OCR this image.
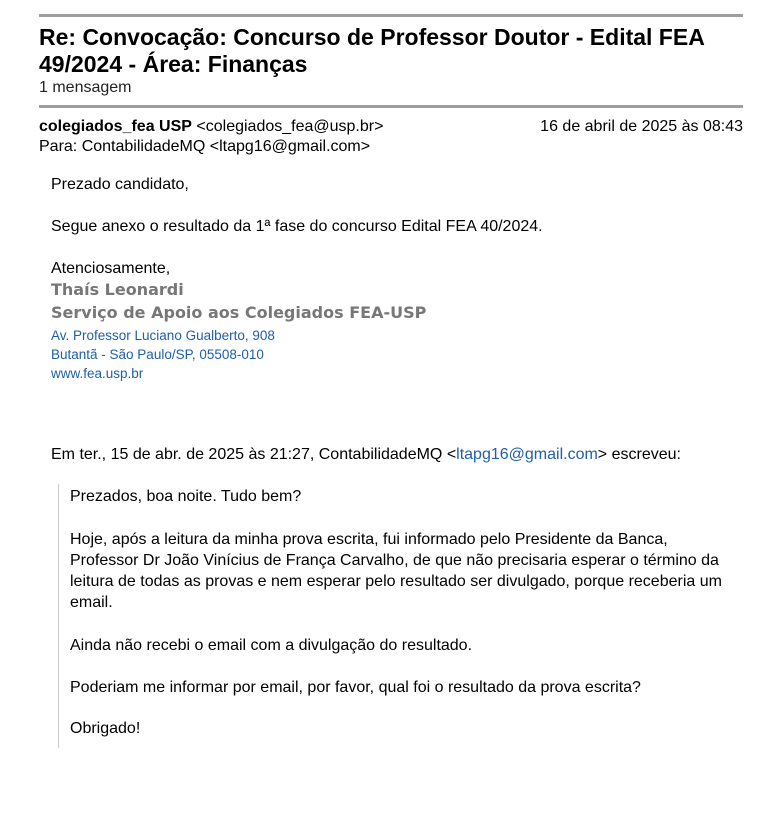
Re: Convocação: Concurso de Professor Doutor - Edital FEA 49/2024 - Área: Finanças
1 mensagem
colegiados_fea USP <colegiados_fea@usp.br>	16 de abril de 2025 às 08:43
Para: ContabilidadeMQ <ltapg16@gmail.com>

Prezado candidato,

Segue anexo o resultado da 1ª fase do concurso Edital FEA 40/2024.

Atenciosamente,

Thaís Leonardi
Serviço de Apoio aos Colegiados FEA-USP
Av. Professor Luciano Gualberto, 908
Butantã - São Paulo/SP, 05508-010
www.fea.usp.br
Em ter., 15 de abr. de 2025 às 21:27, ContabilidadeMQ <ltapg16@gmail.com> escreveu:

Prezados, boa noite. Tudo bem?

Hoje, após a leitura da minha prova escrita, fui informado pelo Presidente da Banca, Professor Dr João Vinícius de França Carvalho, de que não precisaria esperar o término da leitura de todas as provas e nem esperar pelo resultado ser divulgado, porque receberia um email.

Ainda não recebi o email com a divulgação do resultado.

Poderiam me informar por email, por favor, qual foi o resultado da prova escrita?

Obrigado!
